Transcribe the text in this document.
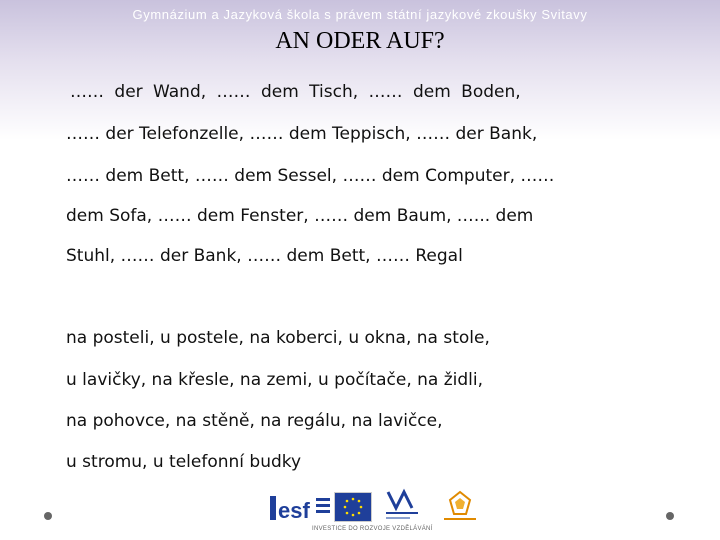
Gymnázium a Jazyková škola s právem státní jazykové zkoušky Svitavy
AN ODER AUF?
…… der Wand, …… dem Tisch, …… dem Boden,
…… der Telefonzelle, …… dem Teppisch, …… der Bank,
…… dem Bett, …… dem Sessel, …… dem Computer, ……
dem Sofa, …… dem Fenster, …… dem Baum, .….. dem
Stuhl, …… der Bank, …… dem Bett, …… Regal
na posteli, u postele, na koberci, u okna, na stole,
u lavičky, na křesle, na zemi, u počítače, na židli,
na pohovce, na stěně, na regálu, na lavičce,
u stromu, u telefonní budky
esf
INVESTICE DO ROZVOJE VZDĚLÁVÁNÍ
